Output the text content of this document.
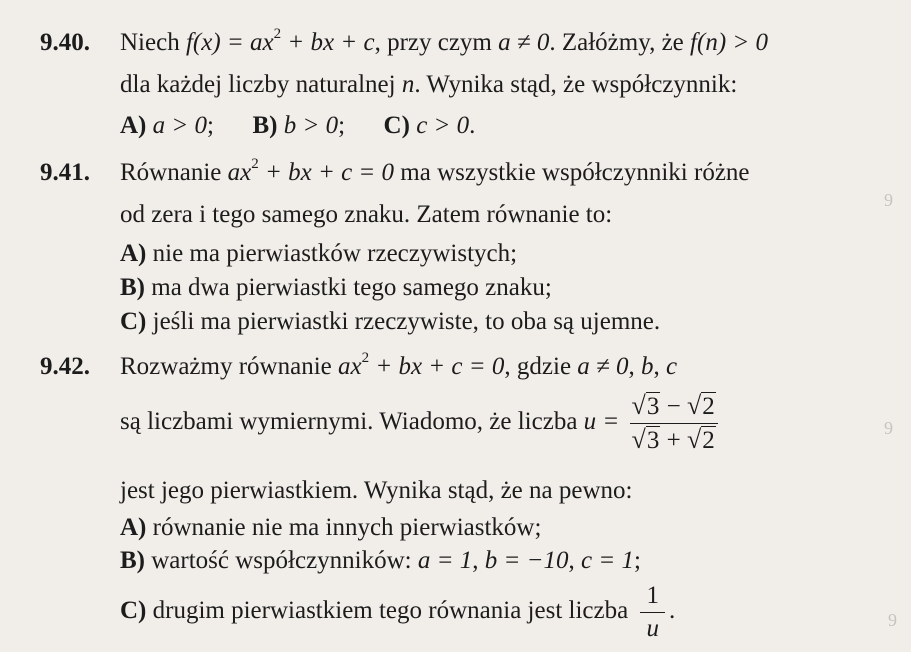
9.40. Niech $f(x) = ax^2$ + bx + c, przy czym a ≠ 0. Załóżmy, że f(n) > 0
dla każdej liczby naturalnej n. Wynika stąd, że współczynnik:
A) a > 0; B) b > 0; C) c > 0.
9.41. Równanie $ax^2$ + bx + c = 0 ma wszystkie współczynniki różne
od zera i tego samego znaku. Zatem równanie to:
A) nie ma pierwiastków rzeczywistych;
B) ma dwa pierwiastki tego samego znaku;
C) jeśli ma pierwiastki rzeczywiste, to oba są ujemne.
9.42. Rozważmy równanie $ax^2$ + bx + c = 0, gdzie a ≠ 0, b, c
są liczbami wymiernymi. Wiadomo, że liczba $u = \frac{√3 - √2}{√3 + √2}$
jest jego pierwiastkiem. Wynika stąd, że na pewno:
A) równanie nie ma innych pierwiastków;
B) wartość współczynników: a = 1, b = −10, c = 1;
C) drugim pierwiastkiem tego równania jest liczba $\frac{1}{u}$ .
9
9
9
